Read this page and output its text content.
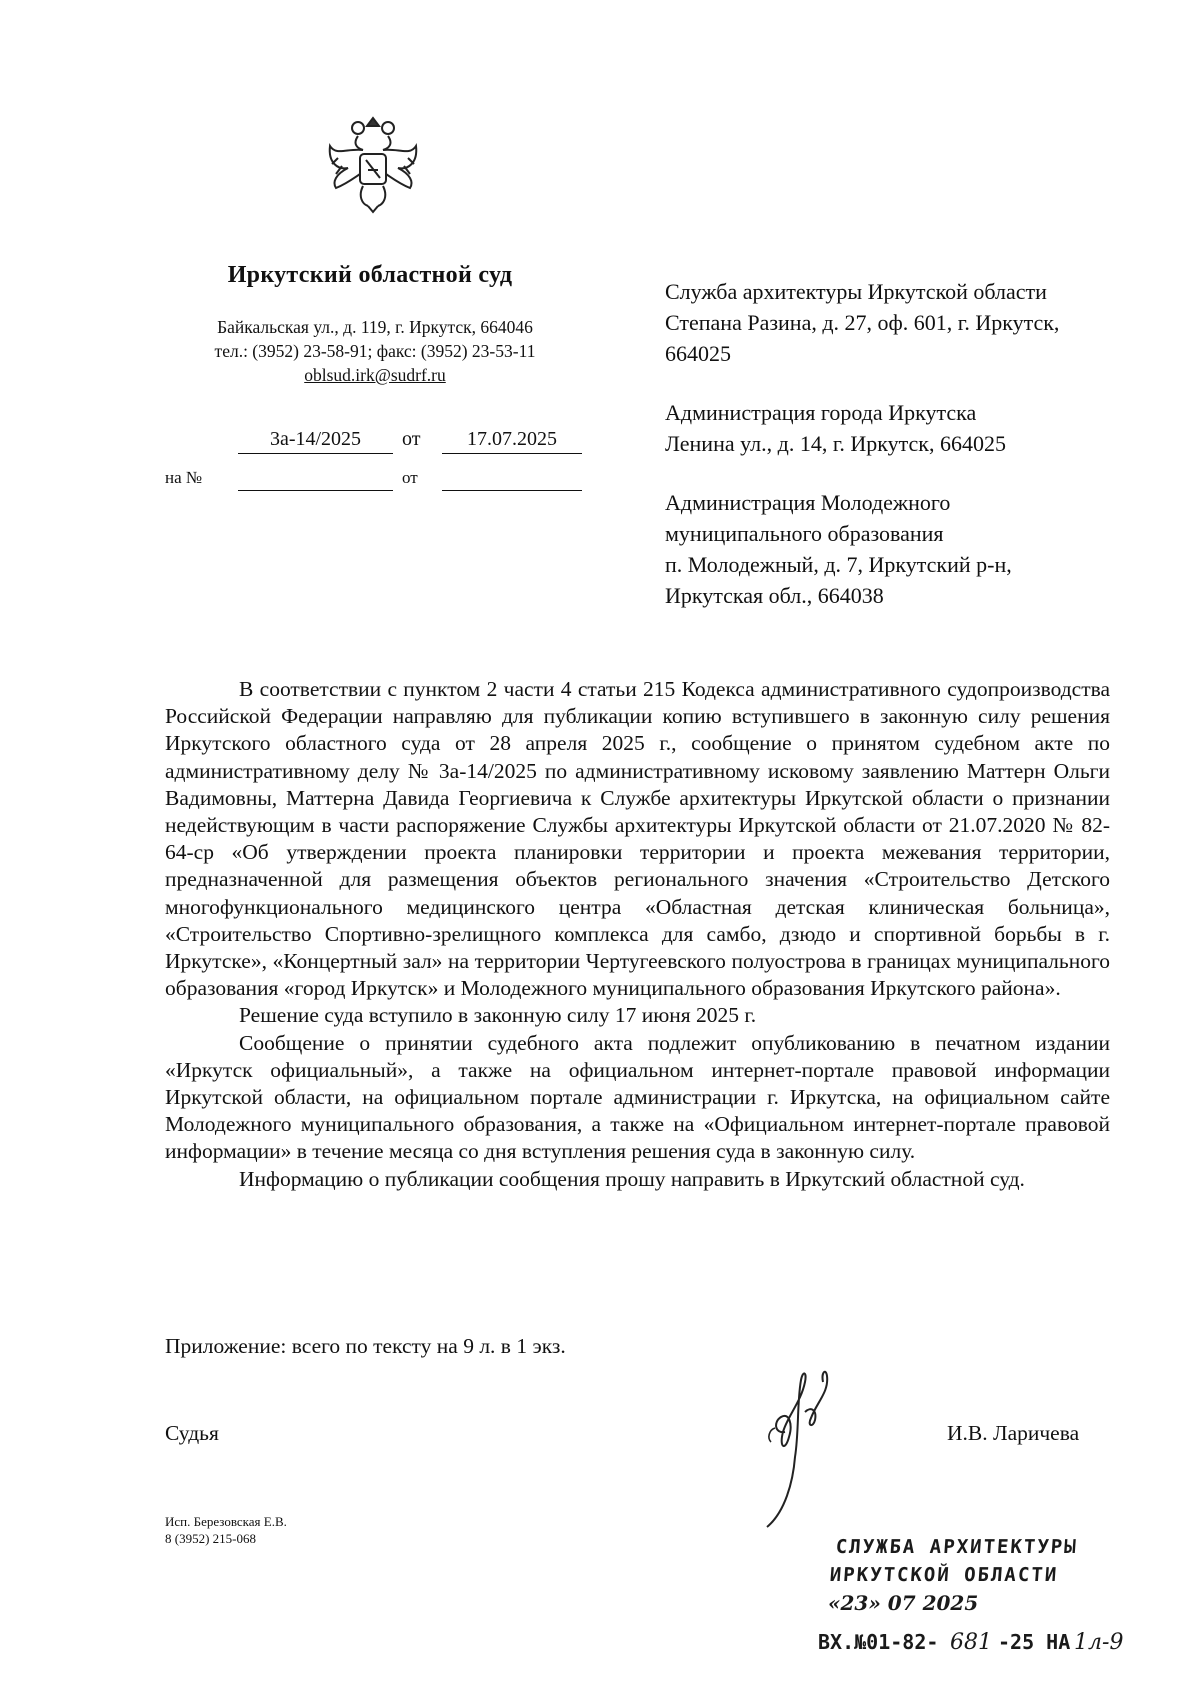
Иркутский областной суд
Байкальская ул., д. 119, г. Иркутск, 664046
тел.: (3952) 23-58-91; факс: (3952) 23-53-11
oblsud.irk@sudrf.ru
3а-14/2025	от	17.07.2025
на №	от
Служба архитектуры Иркутской области
Степана Разина, д. 27, оф. 601, г. Иркутск,
664025
Администрация города Иркутска
Ленина ул., д. 14, г. Иркутск, 664025
Администрация Молодежного
муниципального образования
п. Молодежный, д. 7, Иркутский р-н,
Иркутская обл., 664038

В соответствии с пунктом 2 части 4 статьи 215 Кодекса административного судопроизводства Российской Федерации направляю для публикации копию вступившего в законную силу решения Иркутского областного суда от 28 апреля 2025 г., сообщение о принятом судебном акте по административному делу № 3а-14/2025 по административному исковому заявлению Маттерн Ольги Вадимовны, Маттерна Давида Георгиевича к Службе архитектуры Иркутской области о признании недействующим в части распоряжение Службы архитектуры Иркутской области от 21.07.2020 № 82-64-ср «Об утверждении проекта планировки территории и проекта межевания территории, предназначенной для размещения объектов регионального значения «Строительство Детского многофункционального медицинского центра «Областная детская клиническая больница», «Строительство Спортивно-зрелищного комплекса для самбо, дзюдо и спортивной борьбы в г. Иркутске», «Концертный зал» на территории Чертугеевского полуострова в границах муниципального образования «город Иркутск» и Молодежного муниципального образования Иркутского района».

Решение суда вступило в законную силу 17 июня 2025 г.

Сообщение о принятии судебного акта подлежит опубликованию в печатном издании «Иркутск официальный», а также на официальном интернет-портале правовой информации Иркутской области, на официальном портале администрации г. Иркутска, на официальном сайте Молодежного муниципального образования, а также на «Официальном интернет-портале правовой информации» в течение месяца со дня вступления решения суда в законную силу.

Информацию о публикации сообщения прошу направить в Иркутский областной суд.

Приложение: всего по тексту на 9 л. в 1 экз.
Судья	И.В. Ларичева
Исп. Березовская Е.В.
8 (3952) 215-068	СЛУЖБА АРХИТЕКТУРЫ
ИРКУТСКОЙ ОБЛАСТИ
«23» 07 2025
ВХ.№01-82- 681 -25 НА 1л-9
